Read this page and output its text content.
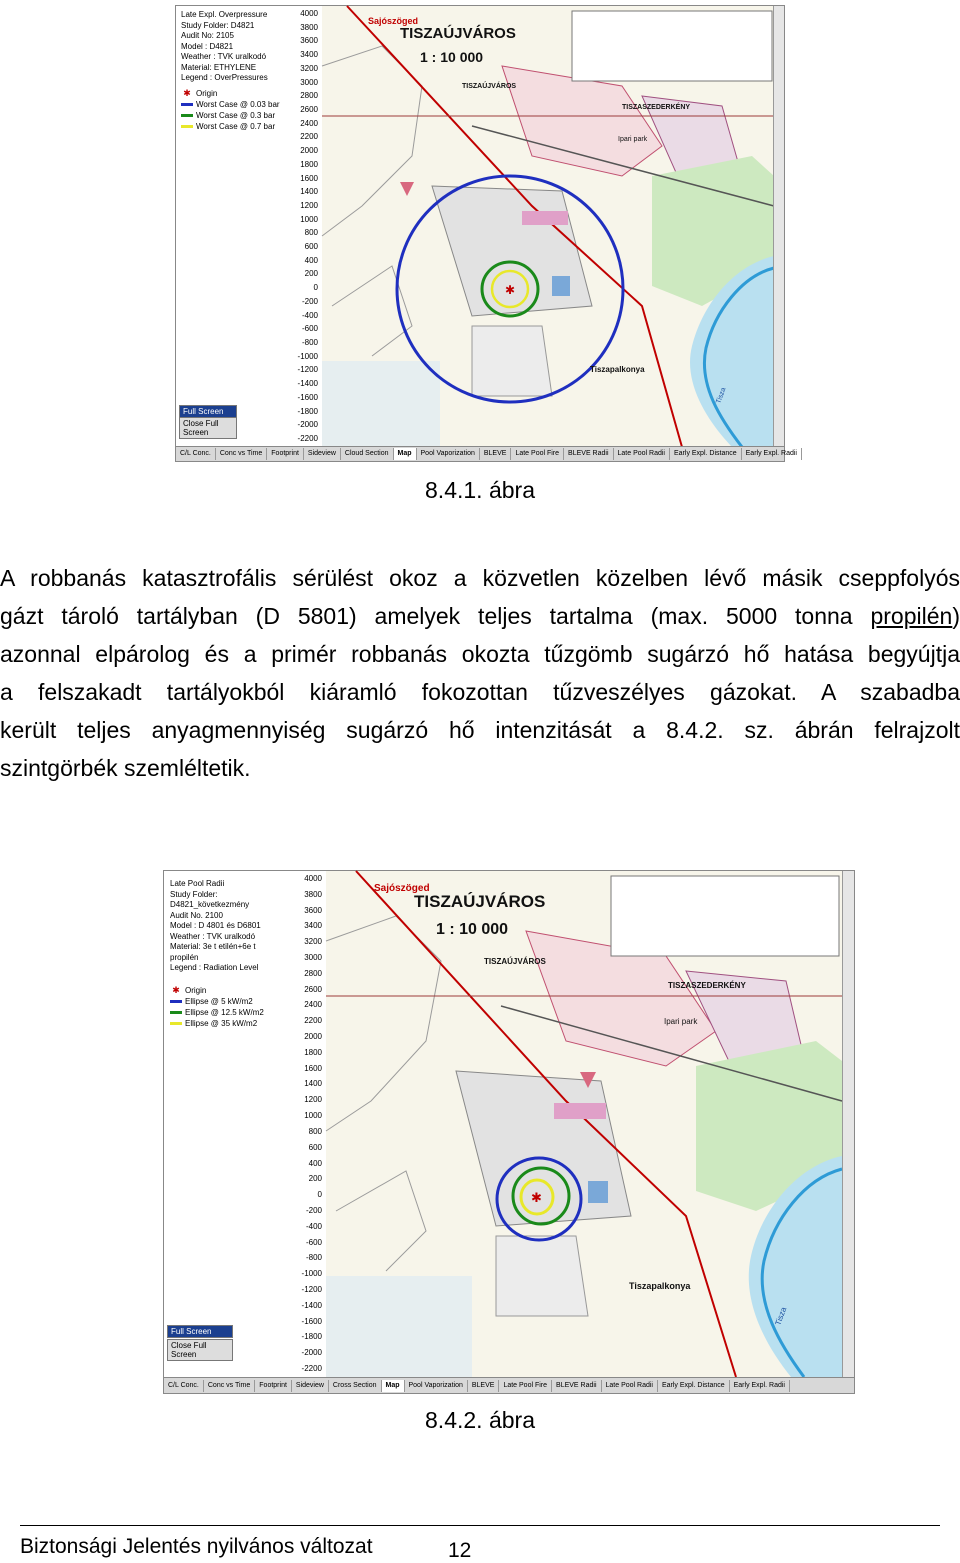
Late Expl. Overpressure
Study Folder: D4821
Audit No: 2105
Model : D4821
Weather : TVK uralkodó
Material: ETHYLENE
Legend : OverPressures
✱ Origin
Worst Case @ 0.03 bar
Worst Case @ 0.3 bar
Worst Case @ 0.7 bar
Full Screen
Close Full Screen
4000
3800
3600
3400
3200
3000
2800
2600
2400
2200
2000
1800
1600
1400
1200
1000
800
600
400
200
0
-200
-400
-600
-800
-1000
-1200
-1400
-1600
-1800
-2000
-2200
✱
Sajószöged
TISZAÚJVÁROS
1 : 10 000
TISZAÚJVÁROS
TISZASZEDERKÉNY
Ipari park
Tiszapalkonya
Tisza
C/L Conc.	Conc vs Time	Footprint	Sideview	Cloud Section	Map	Pool Vaporization	BLEVE	Late Pool Fire	BLEVE Radii	Late Pool Radii	Early Expl. Distance	Early Expl. Radii
8.4.1. ábra
A robbanás katasztrofális sérülést okoz a közvetlen közelben lévő másik cseppfolyós
gázt tároló tartályban (D 5801) amelyek teljes tartalma (max. 5000 tonna propilén)
azonnal elpárolog és a primér robbanás okozta tűzgömb sugárzó hő hatása begyújtja
a felszakadt tartályokból kiáramló fokozottan tűzveszélyes gázokat. A szabadba
került teljes anyagmennyiség sugárzó hő intenzitását a 8.4.2. sz. ábrán felrajzolt
szintgörbék szemléltetik.
Late Pool Radii
Study Folder:
D4821_következmény
Audit No. 2100
Model : D 4801 és D6801
Weather : TVK uralkodó
Material: 3e t etilén+6e t
propilén
Legend : Radiation Level
✱ Origin
Ellipse @ 5 kW/m2
Ellipse @ 12.5 kW/m2
Ellipse @ 35 kW/m2
Full Screen
Close Full Screen
4000
3800
3600
3400
3200
3000
2800
2600
2400
2200
2000
1800
1600
1400
1200
1000
800
600
400
200
0
-200
-400
-600
-800
-1000
-1200
-1400
-1600
-1800
-2000
-2200
✱
Sajószöged
TISZAÚJVÁROS
1 : 10 000
TISZAÚJVÁROS
TISZASZEDERKÉNY
Ipari park
Tiszapalkonya
Tisza
C/L Conc.	Conc vs Time	Footprint	Sideview	Cross Section	Map	Pool Vaporization	BLEVE	Late Pool Fire	BLEVE Radii	Late Pool Radii	Early Expl. Distance	Early Expl. Radii
8.4.2. ábra
Biztonsági Jelentés nyilvános változat	12
